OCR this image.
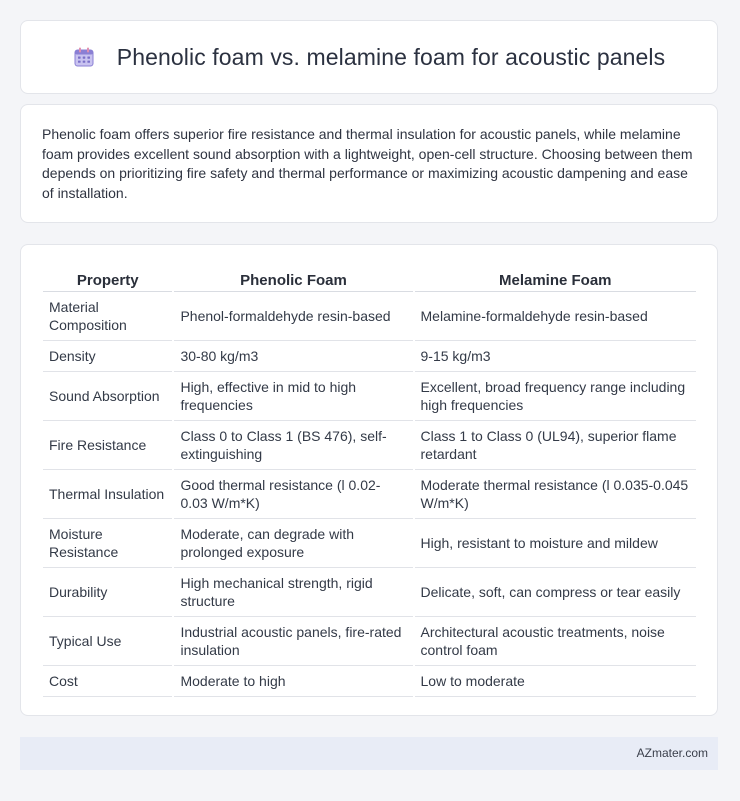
Phenolic foam vs. melamine foam for acoustic panels

Phenolic foam offers superior fire resistance and thermal insulation for acoustic panels, while melamine foam provides excellent sound absorption with a lightweight, open-cell structure. Choosing between them depends on prioritizing fire safety and thermal performance or maximizing acoustic dampening and ease of installation.

Property	Phenolic Foam	Melamine Foam
Material Composition	Phenol-formaldehyde resin-based	Melamine-formaldehyde resin-based
Density	30-80 kg/m3	9-15 kg/m3
Sound Absorption	High, effective in mid to high frequencies	Excellent, broad frequency range including high frequencies
Fire Resistance	Class 0 to Class 1 (BS 476), self-extinguishing	Class 1 to Class 0 (UL94), superior flame retardant
Thermal Insulation	Good thermal resistance (l 0.02-0.03 W/m*K)	Moderate thermal resistance (l 0.035-0.045 W/m*K)
Moisture Resistance	Moderate, can degrade with prolonged exposure	High, resistant to moisture and mildew
Durability	High mechanical strength, rigid structure	Delicate, soft, can compress or tear easily
Typical Use	Industrial acoustic panels, fire-rated insulation	Architectural acoustic treatments, noise control foam
Cost	Moderate to high	Low to moderate
AZmater.com
